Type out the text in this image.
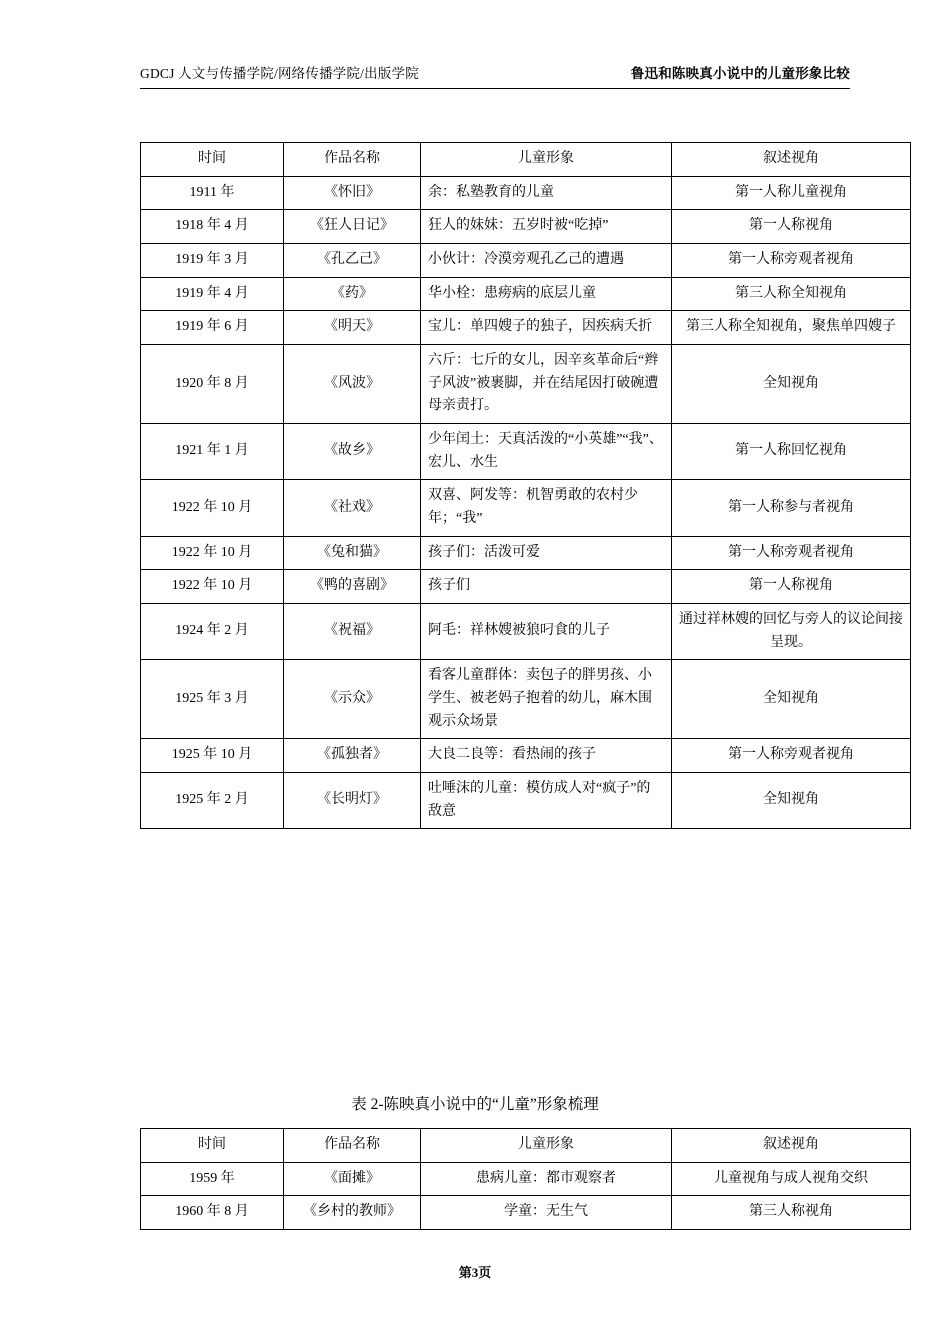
GDCJ 人文与传播学院/网络传播学院/出版学院	鲁迅和陈映真小说中的儿童形象比较
时间	作品名称	儿童形象	叙述视角
1911 年	《怀旧》	余：私塾教育的儿童	第一人称儿童视角
1918 年 4 月	《狂人日记》	狂人的妹妹：五岁时被“吃掉”	第一人称视角
1919 年 3 月	《孔乙己》	小伙计：冷漠旁观孔乙己的遭遇	第一人称旁观者视角
1919 年 4 月	《药》	华小栓：患痨病的底层儿童	第三人称全知视角
1919 年 6 月	《明天》	宝儿：单四嫂子的独子，因疾病夭折	第三人称全知视角，聚焦单四嫂子
1920 年 8 月	《风波》	六斤：七斤的女儿，因辛亥革命后“辫子风波”被裹脚，并在结尾因打破碗遭母亲责打。	全知视角
1921 年 1 月	《故乡》	少年闰土：天真活泼的“小英雄”“我”、宏儿、水生	第一人称回忆视角
1922 年 10 月	《社戏》	双喜、阿发等：机智勇敢的农村少年；“我”	第一人称参与者视角
1922 年 10 月	《兔和猫》	孩子们：活泼可爱	第一人称旁观者视角
1922 年 10 月	《鸭的喜剧》	孩子们	第一人称视角
1924 年 2 月	《祝福》	阿毛：祥林嫂被狼叼食的儿子	通过祥林嫂的回忆与旁人的议论间接呈现。
1925 年 3 月	《示众》	看客儿童群体：卖包子的胖男孩、小学生、被老妈子抱着的幼儿，麻木围观示众场景	全知视角
1925 年 10 月	《孤独者》	大良二良等：看热闹的孩子	第一人称旁观者视角
1925 年 2 月	《长明灯》	吐唾沫的儿童：模仿成人对“疯子”的敌意	全知视角
表 2-陈映真小说中的“儿童”形象梳理
时间	作品名称	儿童形象	叙述视角
1959 年	《面摊》	患病儿童：都市观察者	儿童视角与成人视角交织
1960 年 8 月	《乡村的教师》	学童：无生气	第三人称视角
第3页
